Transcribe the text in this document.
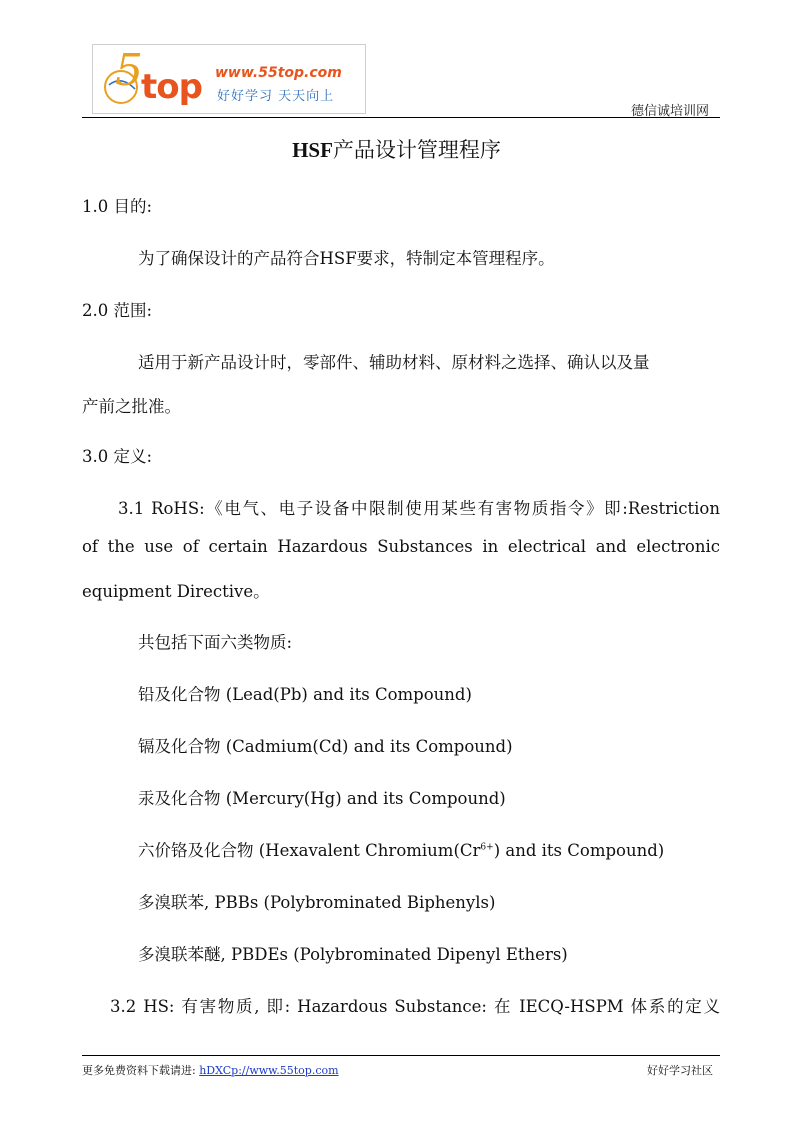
5
top www.55top.com
好好学习 天天向上
德信诚培训网
HSF产品设计管理程序
1.0 目的:
为了确保设计的产品符合HSF要求，特制定本管理程序。
2.0 范围:
适用于新产品设计时，零部件、辅助材料、原材料之选择、确认以及量
产前之批准。
3.0 定义:
3.1 RoHS:《电气、电子设备中限制使用某些有害物质指令》即:Restriction
of the use of certain Hazardous Substances in electrical and electronic
equipment Directive。
共包括下面六类物质:
铅及化合物 (Lead(Pb) and its Compound)
镉及化合物 (Cadmium(Cd) and its Compound)
汞及化合物 (Mercury(Hg) and its Compound)
六价铬及化合物 (Hexavalent $Chromium(Cr^{6+})$ and its Compound)
多溴联苯, PBBs (Polybrominated Biphenyls)
多溴联苯醚, PBDEs (Polybrominated Dipenyl Ethers)
3.2 HS: 有害物质, 即: Hazardous Substance: 在 IECQ-HSPM 体系的定义
更多免费资料下载请进: hDXCp://www.55top.com	好好学习社区
